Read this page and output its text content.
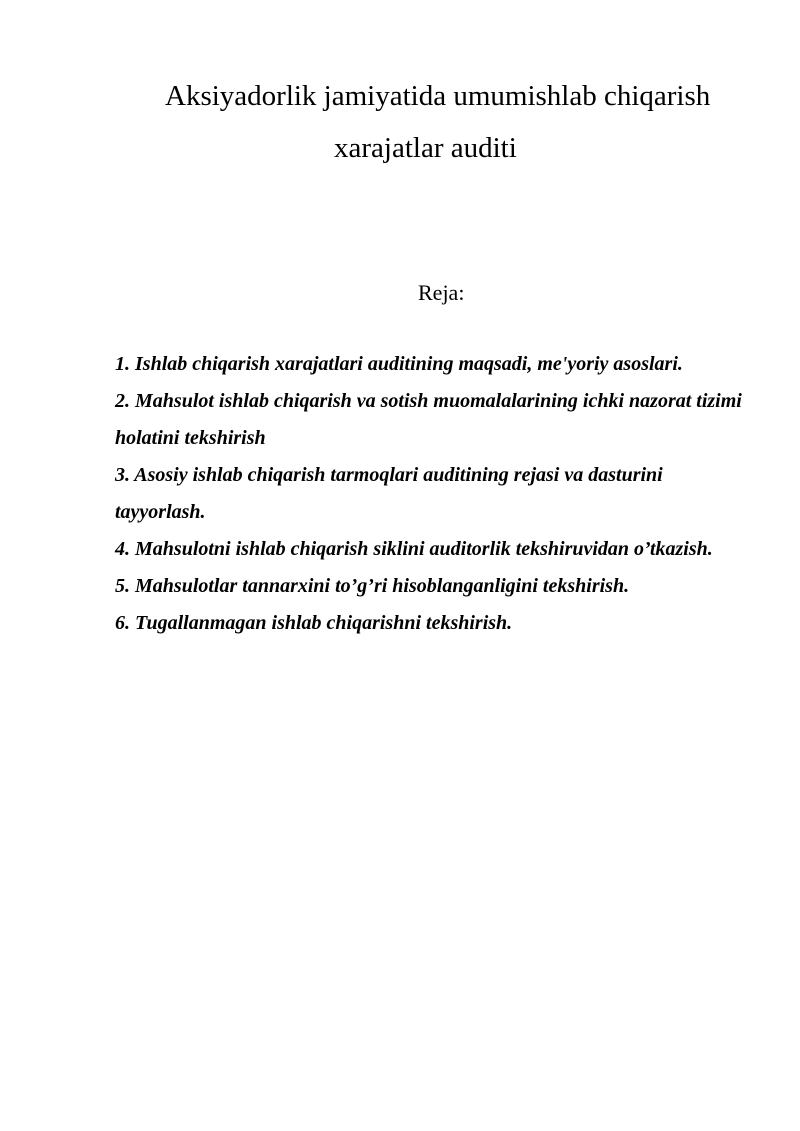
Aksiyadorlik jamiyatida umumishlab chiqarish
xarajatlar auditi
Reja:
1. Ishlab chiqarish xarajatlari auditining maqsadi, me'yoriy asoslari.
2. Mahsulot ishlab chiqarish va sotish muomalalarining ichki nazorat tizimi holatini tekshirish
3. Asosiy ishlab chiqarish tarmoqlari auditining rejasi va dasturini tayyorlash.
4. Mahsulotni ishlab chiqarish siklini auditorlik tekshiruvidan o’tkazish.
5. Mahsulotlar tannarxini to’g’ri hisoblanganligini tekshirish.
6. Tugallanmagan ishlab chiqarishni tekshirish.
